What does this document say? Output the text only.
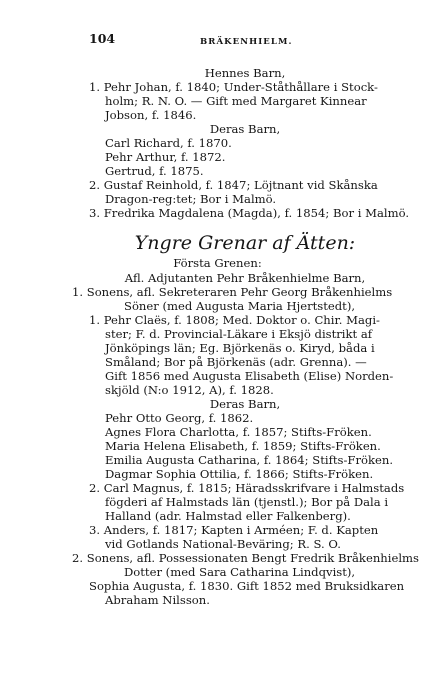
104	BRÄKENHIELM.
Hennes Barn,
1. Pehr Johan, f. 1840; Under-Ståthållare i Stock-
holm; R. N. O. — Gift med Margaret Kinnear
Jobson, f. 1846.
Deras Barn,
Carl Richard, f. 1870.
Pehr Arthur, f. 1872.
Gertrud, f. 1875.
2. Gustaf Reinhold, f. 1847; Löjtnant vid Skånska
Dragon-reg:tet; Bor i Malmö.
3. Fredrika Magdalena (Magda), f. 1854; Bor i Malmö.
Yngre Grenar af Ätten:
Första Grenen:
Afl. Adjutanten Pehr Bråkenhielme Barn,
1. Sonens, afl. Sekreteraren Pehr Georg Bråkenhielms
Söner (med Augusta Maria Hjertstedt),
1. Pehr Claës, f. 1808; Med. Doktor o. Chir. Magi-
ster; F. d. Provincial-Läkare i Eksjö distrikt af
Jönköpings län; Eg. Björkenäs o. Kiryd, båda i
Småland; Bor på Björkenäs (adr. Grenna). —
Gift 1856 med Augusta Elisabeth (Elise) Norden-
skjöld (N:o 1912, A), f. 1828.
Deras Barn,
Pehr Otto Georg, f. 1862.
Agnes Flora Charlotta, f. 1857; Stifts-Fröken.
Maria Helena Elisabeth, f. 1859; Stifts-Fröken.
Emilia Augusta Catharina, f. 1864; Stifts-Fröken.
Dagmar Sophia Ottilia, f. 1866; Stifts-Fröken.
2. Carl Magnus, f. 1815; Häradsskrifvare i Halmstads
fögderi af Halmstads län (tjenstl.); Bor på Dala i
Halland (adr. Halmstad eller Falkenberg).
3. Anders, f. 1817; Kapten i Arméen; F. d. Kapten
vid Gotlands National-Beväring; R. S. O.
2. Sonens, afl. Possessionaten Bengt Fredrik Bråkenhielms
Dotter (med Sara Catharina Lindqvist),
Sophia Augusta, f. 1830. Gift 1852 med Bruksidkaren
Abraham Nilsson.
